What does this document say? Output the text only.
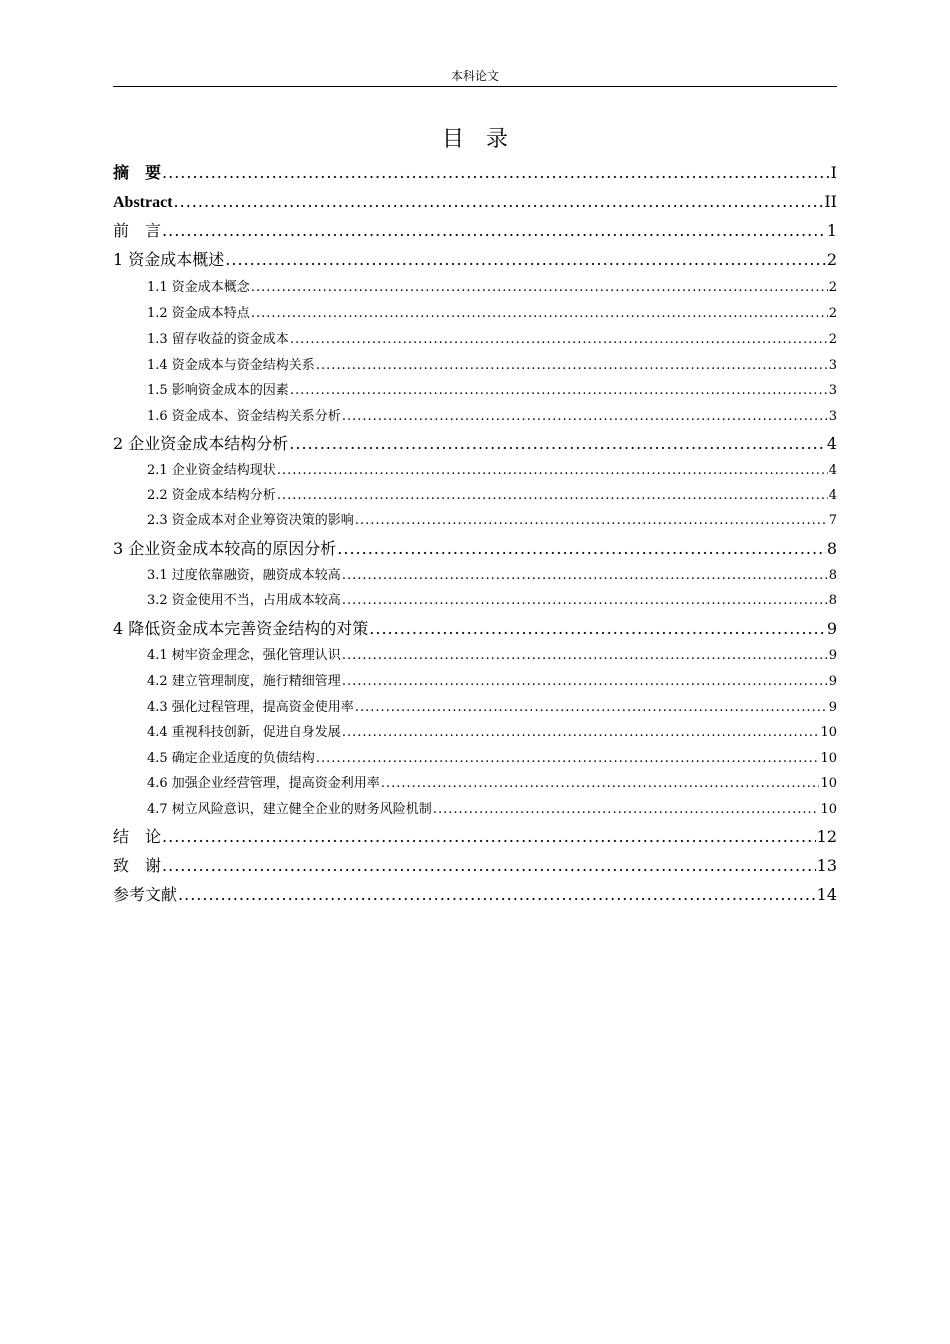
本科论文
目　录
摘　要 .....	I
Abstract .....	II
前　言 .....	1
1 资金成本概述 .....	2
1.1 资金成本概念 .....	2
1.2 资金成本特点 .....	2
1.3 留存收益的资金成本 .....	2
1.4 资金成本与资金结构关系 .....	3
1.5 影响资金成本的因素 .....	3
1.6 资金成本、资金结构关系分析 .....	3
2 企业资金成本结构分析 .....	4
2.1 企业资金结构现状 .....	4
2.2 资金成本结构分析 .....	4
2.3 资金成本对企业筹资决策的影响 .....	7
3 企业资金成本较高的原因分析 .....	8
3.1 过度依靠融资，融资成本较高 .....	8
3.2 资金使用不当，占用成本较高 .....	8
4 降低资金成本完善资金结构的对策 .....	9
4.1 树牢资金理念，强化管理认识 .....	9
4.2 建立管理制度，施行精细管理 .....	9
4.3 强化过程管理，提高资金使用率 .....	9
4.4 重视科技创新，促进自身发展 .....	10
4.5 确定企业适度的负债结构 .....	10
4.6 加强企业经营管理，提高资金利用率 .....	10
4.7 树立风险意识，建立健全企业的财务风险机制 .....	10
结　论 .....	12
致　谢 .....	13
参考文献 .....	14
